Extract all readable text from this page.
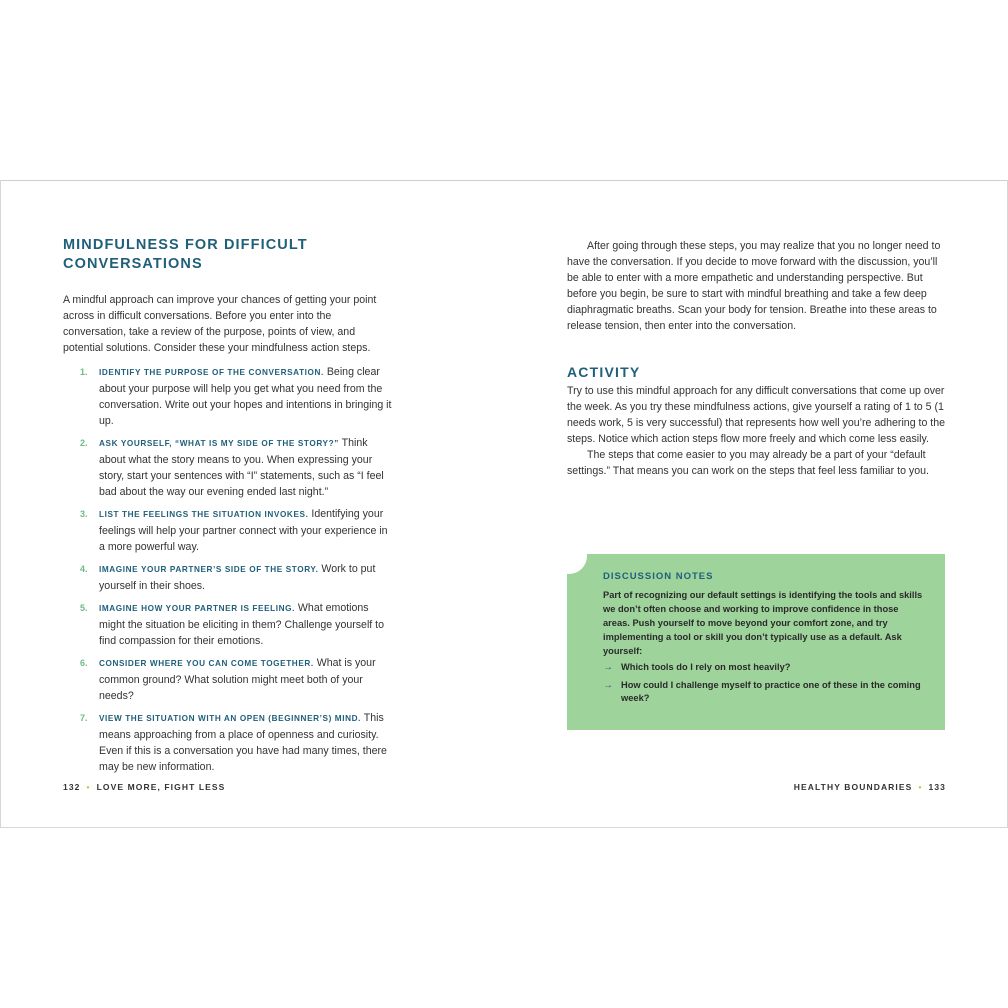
MINDFULNESS FOR DIFFICULT CONVERSATIONS

A mindful approach can improve your chances of getting your point across in difficult conversations. Before you enter into the conversation, take a review of the purpose, points of view, and potential solutions. Consider these your mindfulness action steps.

1. IDENTIFY THE PURPOSE OF THE CONVERSATION. Being clear about your purpose will help you get what you need from the conversation. Write out your hopes and intentions in bringing it up.
2. ASK YOURSELF, “WHAT IS MY SIDE OF THE STORY?” Think about what the story means to you. When expressing your story, start your sentences with “I” statements, such as “I feel bad about the way our evening ended last night.”
3. LIST THE FEELINGS THE SITUATION INVOKES. Identifying your feelings will help your partner connect with your experience in a more powerful way.
4. IMAGINE YOUR PARTNER’S SIDE OF THE STORY. Work to put yourself in their shoes.
5. IMAGINE HOW YOUR PARTNER IS FEELING. What emotions might the situation be eliciting in them? Challenge yourself to find compassion for their emotions.
6. CONSIDER WHERE YOU CAN COME TOGETHER. What is your common ground? What solution might meet both of your needs?
7. VIEW THE SITUATION WITH AN OPEN (BEGINNER’S) MIND. This means approaching from a place of openness and curiosity. Even if this is a conversation you have had many times, there may be new information.
132 • LOVE MORE, FIGHT LESS

After going through these steps, you may realize that you no longer need to have the conversation. If you decide to move forward with the discussion, you’ll be able to enter with a more empathetic and understanding perspective. But before you begin, be sure to start with mindful breathing and take a few deep diaphragmatic breaths. Scan your body for tension. Breathe into these areas to release tension, then enter into the conversation.

ACTIVITY

Try to use this mindful approach for any difficult conversations that come up over the week. As you try these mindfulness actions, give yourself a rating of 1 to 5 (1 needs work, 5 is very successful) that represents how well you’re adhering to the steps. Notice which action steps flow more freely and which come less easily.

The steps that come easier to you may already be a part of your “default settings.” That means you can work on the steps that feel less familiar to you.

DISCUSSION NOTES

Part of recognizing our default settings is identifying the tools and skills we don’t often choose and working to improve confidence in those areas. Push yourself to move beyond your comfort zone, and try implementing a tool or skill you don’t typically use as a default. Ask yourself:

→ Which tools do I rely on most heavily?
→ How could I challenge myself to practice one of these in the coming week?
HEALTHY BOUNDARIES • 133
